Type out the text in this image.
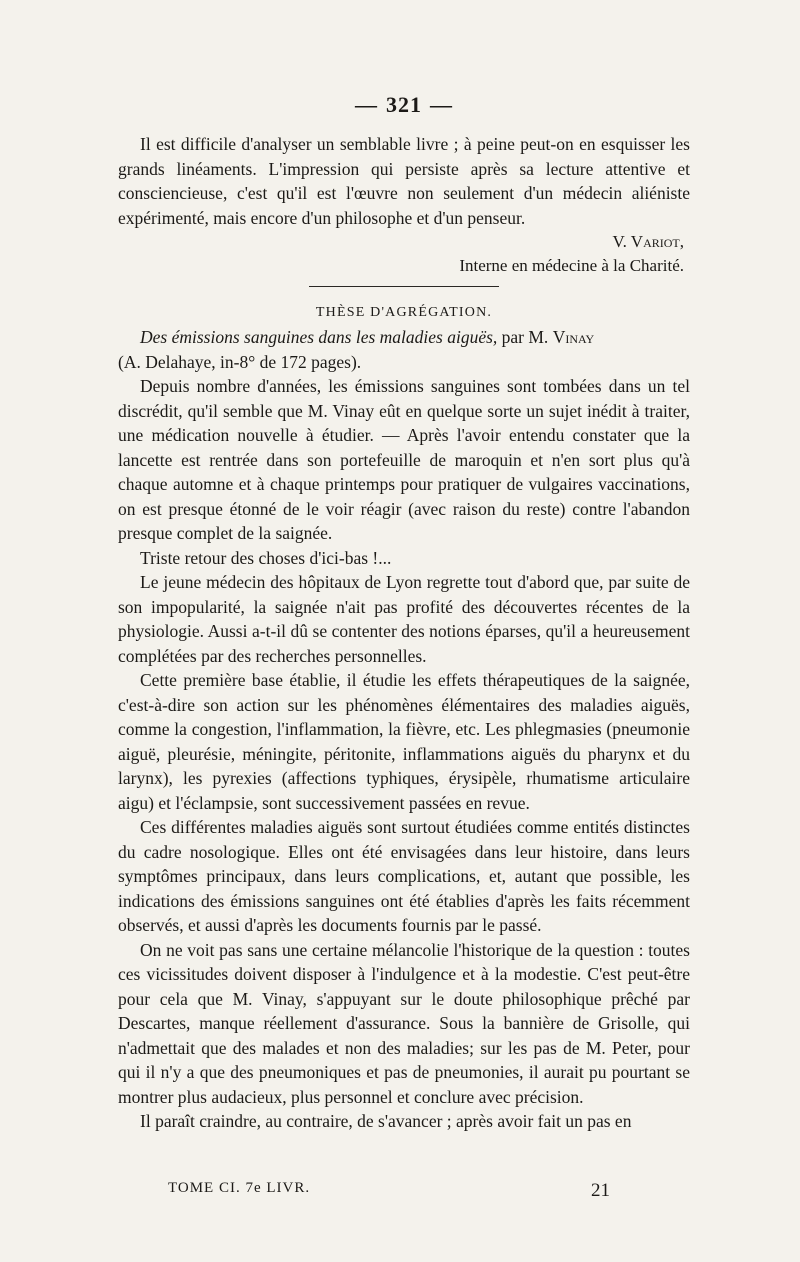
— 321 —

Il est difficile d'analyser un semblable livre ; à peine peut-on en esquisser les grands linéaments. L'impression qui persiste après sa lecture attentive et consciencieuse, c'est qu'il est l'œuvre non seulement d'un médecin aliéniste expérimenté, mais encore d'un philosophe et d'un penseur.

V. Variot,
Interne en médecine à la Charité.
THÈSE D'AGRÉGATION.
Des émissions sanguines dans les maladies aiguës, par M. Vinay
(A. Delahaye, in-8° de 172 pages).

Depuis nombre d'années, les émissions sanguines sont tombées dans un tel discrédit, qu'il semble que M. Vinay eût en quelque sorte un sujet inédit à traiter, une médication nouvelle à étudier. — Après l'avoir entendu constater que la lancette est rentrée dans son portefeuille de maroquin et n'en sort plus qu'à chaque automne et à chaque printemps pour pratiquer de vulgaires vaccinations, on est presque étonné de le voir réagir (avec raison du reste) contre l'abandon presque complet de la saignée.

Triste retour des choses d'ici-bas !...

Le jeune médecin des hôpitaux de Lyon regrette tout d'abord que, par suite de son impopularité, la saignée n'ait pas profité des découvertes récentes de la physiologie. Aussi a-t-il dû se contenter des notions éparses, qu'il a heureusement complétées par des recherches personnelles.

Cette première base établie, il étudie les effets thérapeutiques de la saignée, c'est-à-dire son action sur les phénomènes élémentaires des maladies aiguës, comme la congestion, l'inflammation, la fièvre, etc. Les phlegmasies (pneumonie aiguë, pleurésie, méningite, péritonite, inflammations aiguës du pharynx et du larynx), les pyrexies (affections typhiques, érysipèle, rhumatisme articulaire aigu) et l'éclampsie, sont successivement passées en revue.

Ces différentes maladies aiguës sont surtout étudiées comme entités distinctes du cadre nosologique. Elles ont été envisagées dans leur histoire, dans leurs symptômes principaux, dans leurs complications, et, autant que possible, les indications des émissions sanguines ont été établies d'après les faits récemment observés, et aussi d'après les documents fournis par le passé.

On ne voit pas sans une certaine mélancolie l'historique de la question : toutes ces vicissitudes doivent disposer à l'indulgence et à la modestie. C'est peut-être pour cela que M. Vinay, s'appuyant sur le doute philosophique prêché par Descartes, manque réellement d'assurance. Sous la bannière de Grisolle, qui n'admettait que des malades et non des maladies; sur les pas de M. Peter, pour qui il n'y a que des pneumoniques et pas de pneumonies, il aurait pu pourtant se montrer plus audacieux, plus personnel et conclure avec précision.

Il paraît craindre, au contraire, de s'avancer ; après avoir fait un pas en

TOME CI. 7e LIVR.	21
